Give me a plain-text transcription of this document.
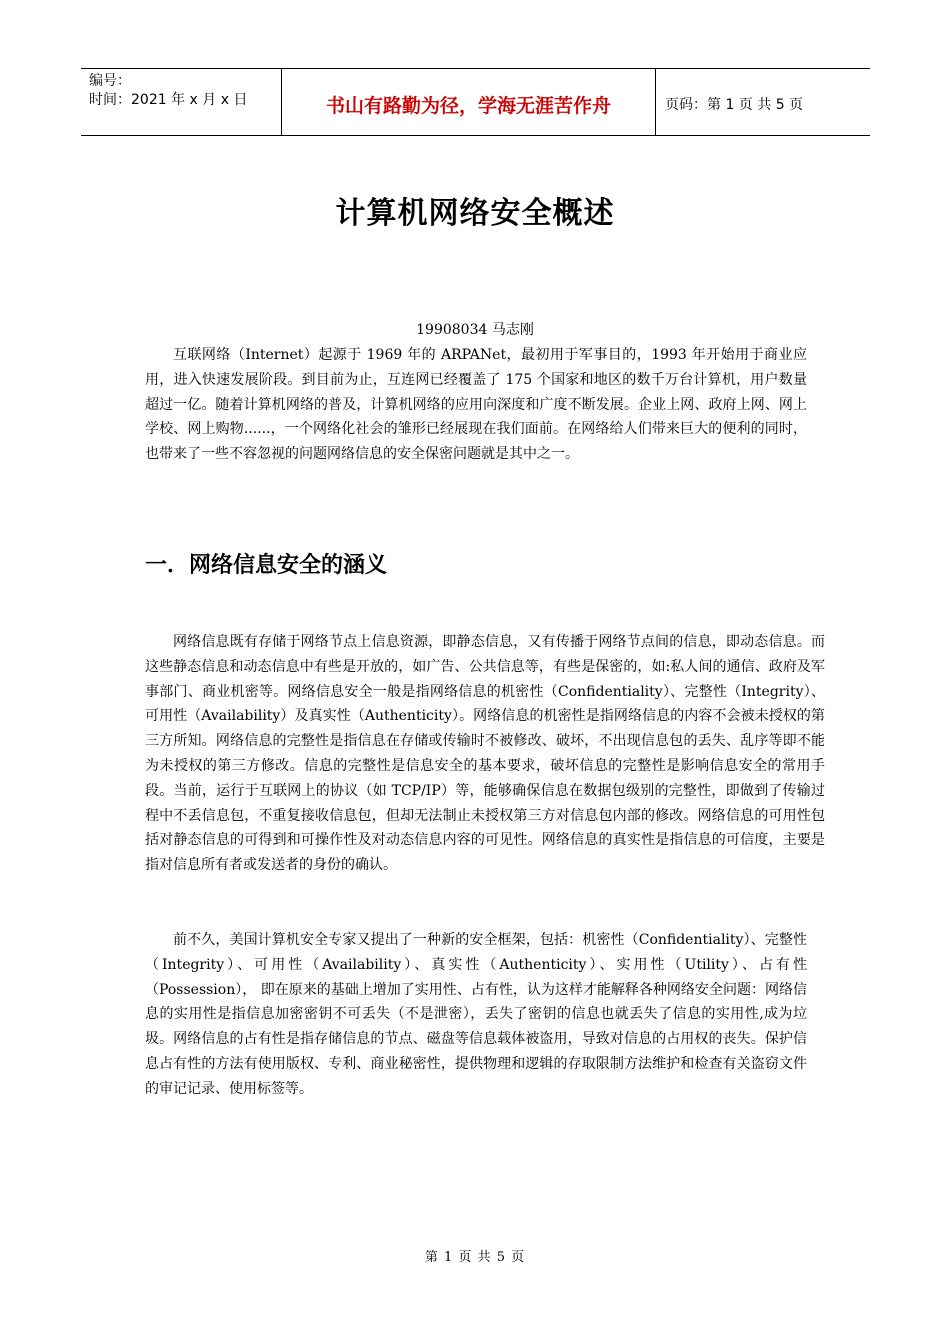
编号：
时间：2021 年 x 月 x 日	书山有路勤为径，学海无涯苦作舟	页码：第 1 页 共 5 页
计算机网络安全概述
19908034 马志刚

互联网络（Internet）起源于 1969 年的 ARPANet，最初用于军事目的，1993 年开始用于商业应用，进入快速发展阶段。到目前为止，互连网已经覆盖了 175 个国家和地区的数千万台计算机，用户数量超过一亿。随着计算机网络的普及，计算机网络的应用向深度和广度不断发展。企业上网、政府上网、网上学校、网上购物......，一个网络化社会的雏形已经展现在我们面前。在网络给人们带来巨大的便利的同时，也带来了一些不容忽视的问题网络信息的安全保密问题就是其中之一。

一．网络信息安全的涵义

网络信息既有存储于网络节点上信息资源，即静态信息，又有传播于网络节点间的信息，即动态信息。而这些静态信息和动态信息中有些是开放的，如广告、公共信息等，有些是保密的，如:私人间的通信、政府及军事部门、商业机密等。网络信息安全一般是指网络信息的机密性（Confidentiality）、完整性（Integrity）、可用性（Availability）及真实性（Authenticity）。网络信息的机密性是指网络信息的内容不会被未授权的第三方所知。网络信息的完整性是指信息在存储或传输时不被修改、破坏，不出现信息包的丢失、乱序等即不能为未授权的第三方修改。信息的完整性是信息安全的基本要求，破坏信息的完整性是影响信息安全的常用手段。当前，运行于互联网上的协议（如 TCP/IP）等，能够确保信息在数据包级别的完整性，即做到了传输过程中不丢信息包，不重复接收信息包，但却无法制止未授权第三方对信息包内部的修改。网络信息的可用性包括对静态信息的可得到和可操作性及对动态信息内容的可见性。网络信息的真实性是指信息的可信度，主要是指对信息所有者或发送者的身份的确认。

前不久，美国计算机安全专家又提出了一种新的安全框架，包括：机密性（Confidentiality）、完整性（Integrity）、可用性（Availability）、真实性（Authenticity）、实用性（Utility）、占有性（Possession）， 即在原来的基础上增加了实用性、占有性，认为这样才能解释各种网络安全问题：网络信息的实用性是指信息加密密钥不可丢失（不是泄密），丢失了密钥的信息也就丢失了信息的实用性,成为垃圾。网络信息的占有性是指存储信息的节点、磁盘等信息载体被盗用，导致对信息的占用权的丧失。保护信息占有性的方法有使用版权、专利、商业秘密性，提供物理和逻辑的存取限制方法维护和检查有关盗窃文件的审记记录、使用标签等。

第 1 页 共 5 页
